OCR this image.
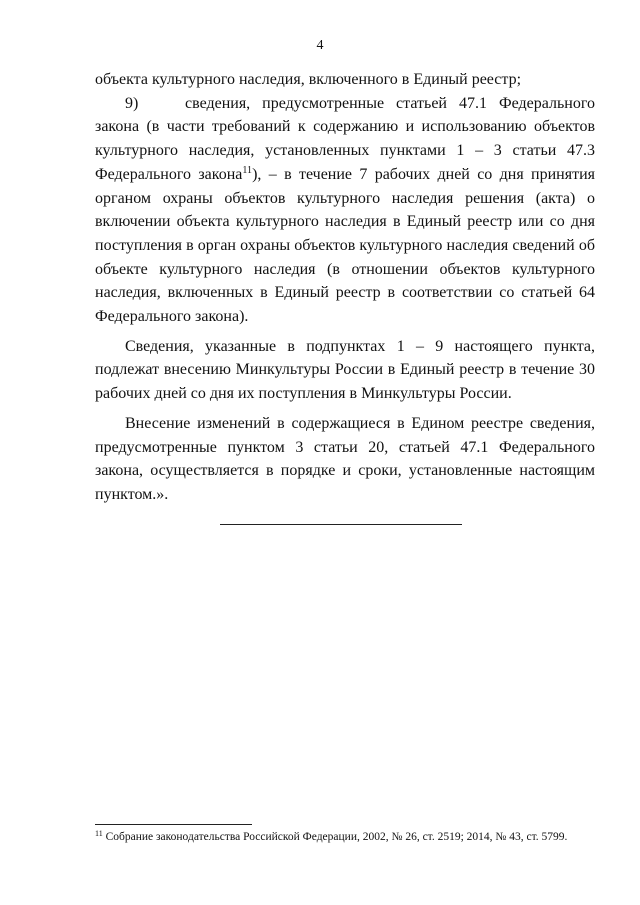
4

объекта культурного наследия, включенного в Единый реестр;

9)	сведения, предусмотренные статьей 47.1 Федерального закона (в части требований к содержанию и использованию объектов культурного наследия, установленных пунктами 1 – 3 статьи 47.3 Федерального закона$^{11}$), – в течение 7 рабочих дней со дня принятия органом охраны объектов культурного наследия решения (акта) о включении объекта культурного наследия в Единый реестр или со дня поступления в орган охраны объектов культурного наследия сведений об объекте культурного наследия (в отношении объектов культурного наследия, включенных в Единый реестр в соответствии со статьей 64 Федерального закона).

Сведения, указанные в подпунктах 1 – 9 настоящего пункта, подлежат внесению Минкультуры России в Единый реестр в течение 30 рабочих дней со дня их поступления в Минкультуры России.

Внесение изменений в содержащиеся в Едином реестре сведения, предусмотренные пунктом 3 статьи 20, статьей 47.1 Федерального закона, осуществляется в порядке и сроки, установленные настоящим пунктом.».

$^{11}$ Собрание законодательства Российской Федерации, 2002, № 26, ст. 2519; 2014, № 43, ст. 5799.
